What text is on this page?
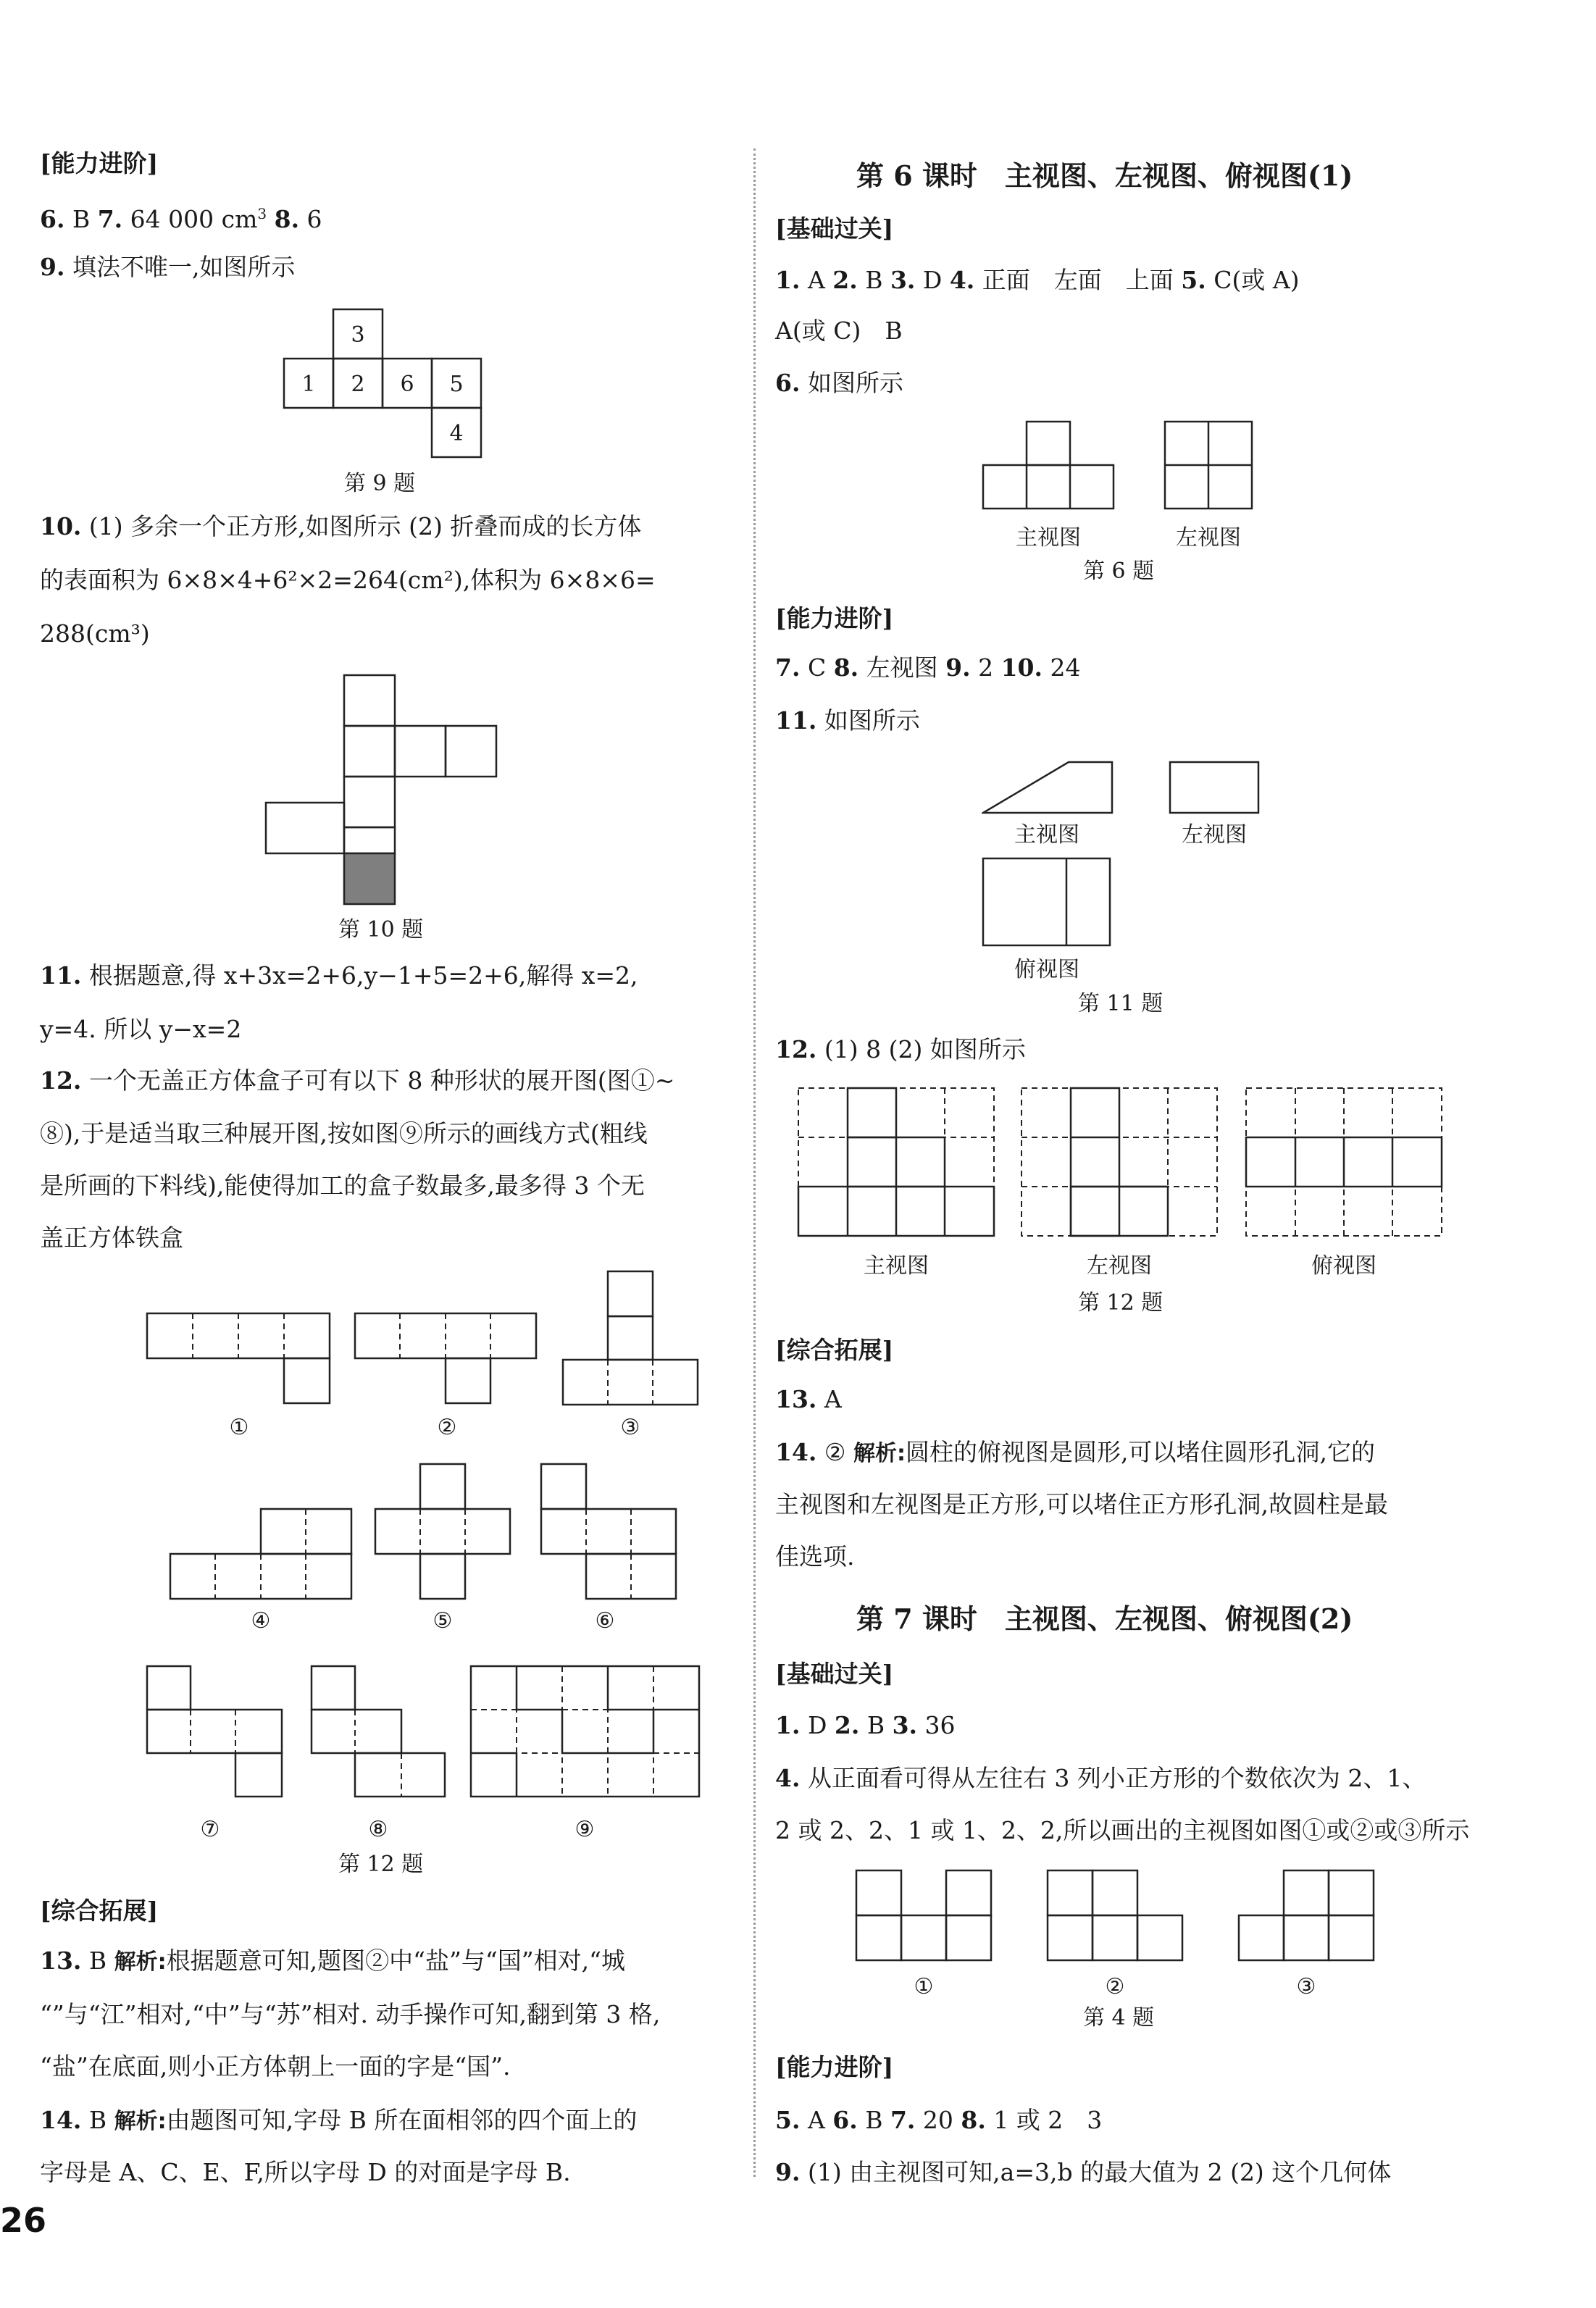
[能力进阶]
6. B 7. 64 000 $cm^3$ 8. 6
9. 填法不唯一,如图所示
3
1 2 6 5
4
第 9 题
10. (1) 多余一个正方形,如图所示 (2) 折叠而成的长方体
的表面积为 6×8×4+6²×2=264(cm²),体积为 6×8×6=
288(cm³)
第 10 题
11. 根据题意,得 x+3x=2+6,y−1+5=2+6,解得 x=2,
y=4. 所以 y−x=2
12. 一个无盖正方体盒子可有以下 8 种形状的展开图(图①~
⑧),于是适当取三种展开图,按如图⑨所示的画线方式(粗线
是所画的下料线),能使得加工的盒子数最多,最多得 3 个无
盖正方体铁盒
①	②	③
④	⑤	⑥
⑦	⑧	⑨
第 12 题
[综合拓展]
13. B 解析:根据题意可知,题图②中“盐”与“国”相对,“城
“”与“江”相对,“中”与“苏”相对. 动手操作可知,翻到第 3 格,
“盐”在底面,则小正方体朝上一面的字是“国”.
14. B 解析:由题图可知,字母 B 所在面相邻的四个面上的
字母是 A、C、E、F,所以字母 D 的对面是字母 B.
第 6 课时　主视图、左视图、俯视图(1)
[基础过关]
1. A 2. B 3. D 4. 正面　左面　上面 5. C(或 A)
A(或 C)　B
6. 如图所示
主视图	左视图
第 6 题
[能力进阶]
7. C 8. 左视图 9. 2 10. 24
11. 如图所示
主视图	左视图
俯视图
第 11 题
12. (1) 8 (2) 如图所示
主视图	左视图	俯视图
第 12 题
[综合拓展]
13. A
14. ② 解析:圆柱的俯视图是圆形,可以堵住圆形孔洞,它的
主视图和左视图是正方形,可以堵住正方形孔洞,故圆柱是最
佳选项.
第 7 课时　主视图、左视图、俯视图(2)
[基础过关]
1. D 2. B 3. 36
4. 从正面看可得从左往右 3 列小正方形的个数依次为 2、1、
2 或 2、2、1 或 1、2、2,所以画出的主视图如图①或②或③所示
①	②	③
第 4 题
[能力进阶]
5. A 6. B 7. 20 8. 1 或 2　3
9. (1) 由主视图可知,a=3,b 的最大值为 2 (2) 这个几何体
26
